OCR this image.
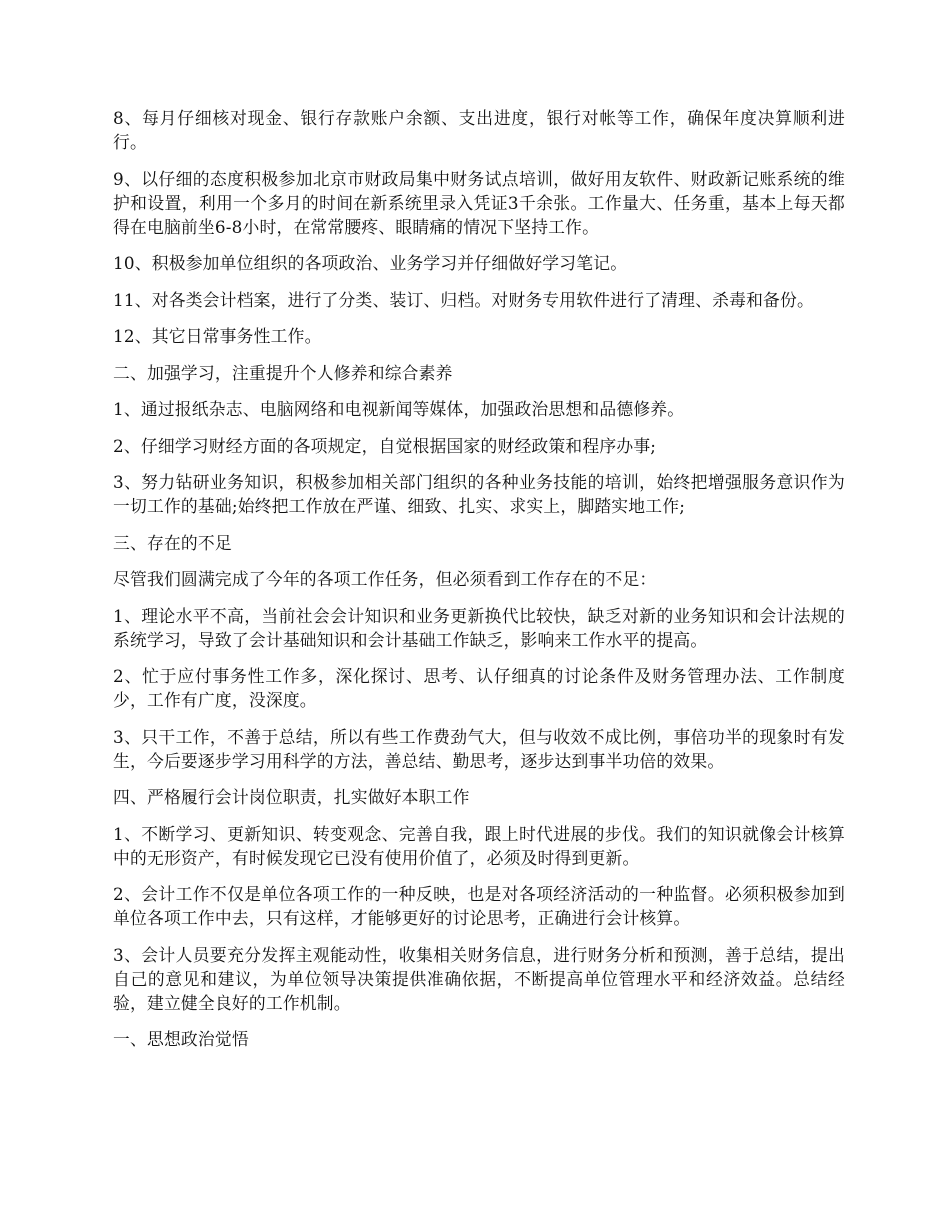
8、每月仔细核对现金、银行存款账户余额、支出进度，银行对帐等工作，确保年度决算顺利进行。

9、以仔细的态度积极参加北京市财政局集中财务试点培训，做好用友软件、财政新记账系统的维护和设置，利用一个多月的时间在新系统里录入凭证3千余张。工作量大、任务重，基本上每天都得在电脑前坐6-8小时，在常常腰疼、眼睛痛的情况下坚持工作。

10、积极参加单位组织的各项政治、业务学习并仔细做好学习笔记。

11、对各类会计档案，进行了分类、装订、归档。对财务专用软件进行了清理、杀毒和备份。

12、其它日常事务性工作。

二、加强学习，注重提升个人修养和综合素养

1、通过报纸杂志、电脑网络和电视新闻等媒体，加强政治思想和品德修养。

2、仔细学习财经方面的各项规定，自觉根据国家的财经政策和程序办事;

3、努力钻研业务知识，积极参加相关部门组织的各种业务技能的培训，始终把增强服务意识作为一切工作的基础;始终把工作放在严谨、细致、扎实、求实上，脚踏实地工作;

三、存在的不足

尽管我们圆满完成了今年的各项工作任务，但必须看到工作存在的不足：

1、理论水平不高，当前社会会计知识和业务更新换代比较快，缺乏对新的业务知识和会计法规的系统学习，导致了会计基础知识和会计基础工作缺乏，影响来工作水平的提高。

2、忙于应付事务性工作多，深化探讨、思考、认仔细真的讨论条件及财务管理办法、工作制度少，工作有广度，没深度。

3、只干工作，不善于总结，所以有些工作费劲气大，但与收效不成比例，事倍功半的现象时有发生，今后要逐步学习用科学的方法，善总结、勤思考，逐步达到事半功倍的效果。

四、严格履行会计岗位职责，扎实做好本职工作

1、不断学习、更新知识、转变观念、完善自我，跟上时代进展的步伐。我们的知识就像会计核算中的无形资产，有时候发现它已没有使用价值了，必须及时得到更新。

2、会计工作不仅是单位各项工作的一种反映，也是对各项经济活动的一种监督。必须积极参加到单位各项工作中去，只有这样，才能够更好的讨论思考，正确进行会计核算。

3、会计人员要充分发挥主观能动性，收集相关财务信息，进行财务分析和预测，善于总结，提出自己的意见和建议，为单位领导决策提供准确依据，不断提高单位管理水平和经济效益。总结经验，建立健全良好的工作机制。

一、思想政治觉悟
